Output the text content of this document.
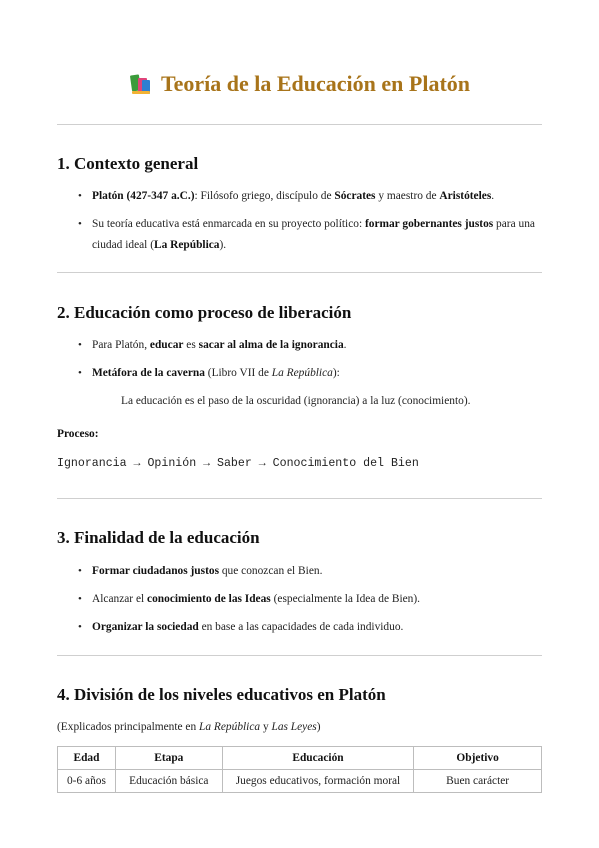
Teoría de la Educación en Platón
1. Contexto general
• Platón (427-347 a.C.): Filósofo griego, discípulo de Sócrates y maestro de Aristóteles.
• Su teoría educativa está enmarcada en su proyecto político: formar gobernantes justos para una ciudad ideal (La República).
2. Educación como proceso de liberación
• Para Platón, educar es sacar al alma de la ignorancia.
• Metáfora de la caverna (Libro VII de La República):
La educación es el paso de la oscuridad (ignorancia) a la luz (conocimiento).
Proceso:
Ignorancia → Opinión → Saber → Conocimiento del Bien
3. Finalidad de la educación
• Formar ciudadanos justos que conozcan el Bien.
• Alcanzar el conocimiento de las Ideas (especialmente la Idea de Bien).
• Organizar la sociedad en base a las capacidades de cada individuo.
4. División de los niveles educativos en Platón
(Explicados principalmente en La República y Las Leyes)
Edad	Etapa	Educación	Objetivo
0-6 años	Educación básica	Juegos educativos, formación moral	Buen carácter
